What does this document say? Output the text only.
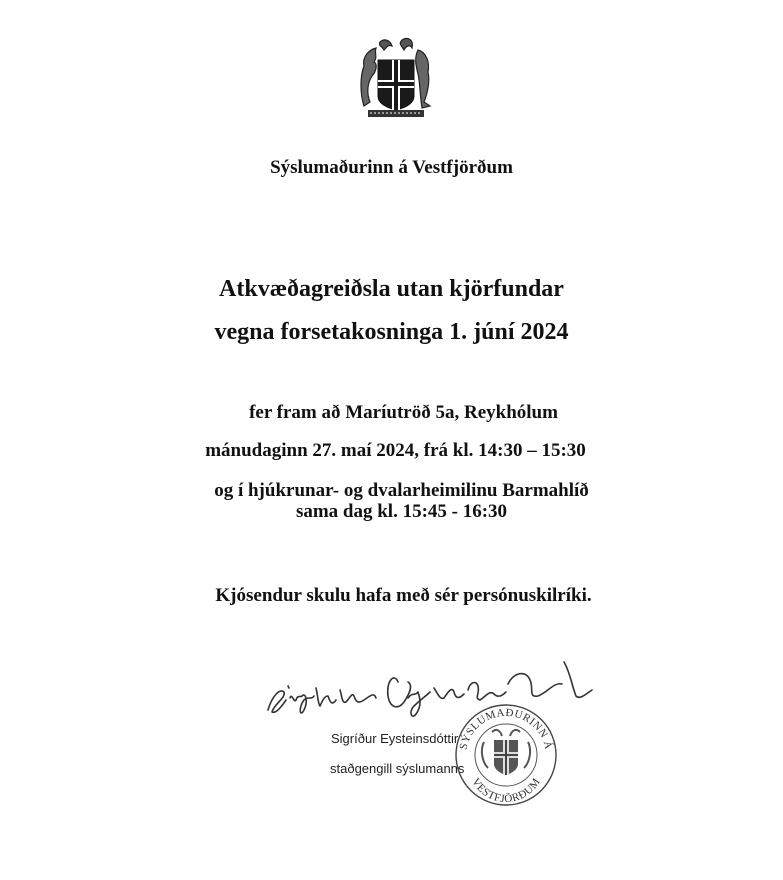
Sýslumaðurinn á Vestfjörðum
Atkvæðagreiðsla utan kjörfundar
vegna forsetakosninga 1. júní 2024
fer fram að Maríutröð 5a, Reykhólum
mánudaginn 27. maí 2024, frá kl. 14:30 – 15:30
og í hjúkrunar- og dvalarheimilinu Barmahlíð
sama dag kl. 15:45 - 16:30
Kjósendur skulu hafa með sér persónuskilríki.
SÝSLUMAÐURINN Á
VESTFJÖRÐUM
Sigríður Eysteinsdóttir
staðgengill sýslumanns
